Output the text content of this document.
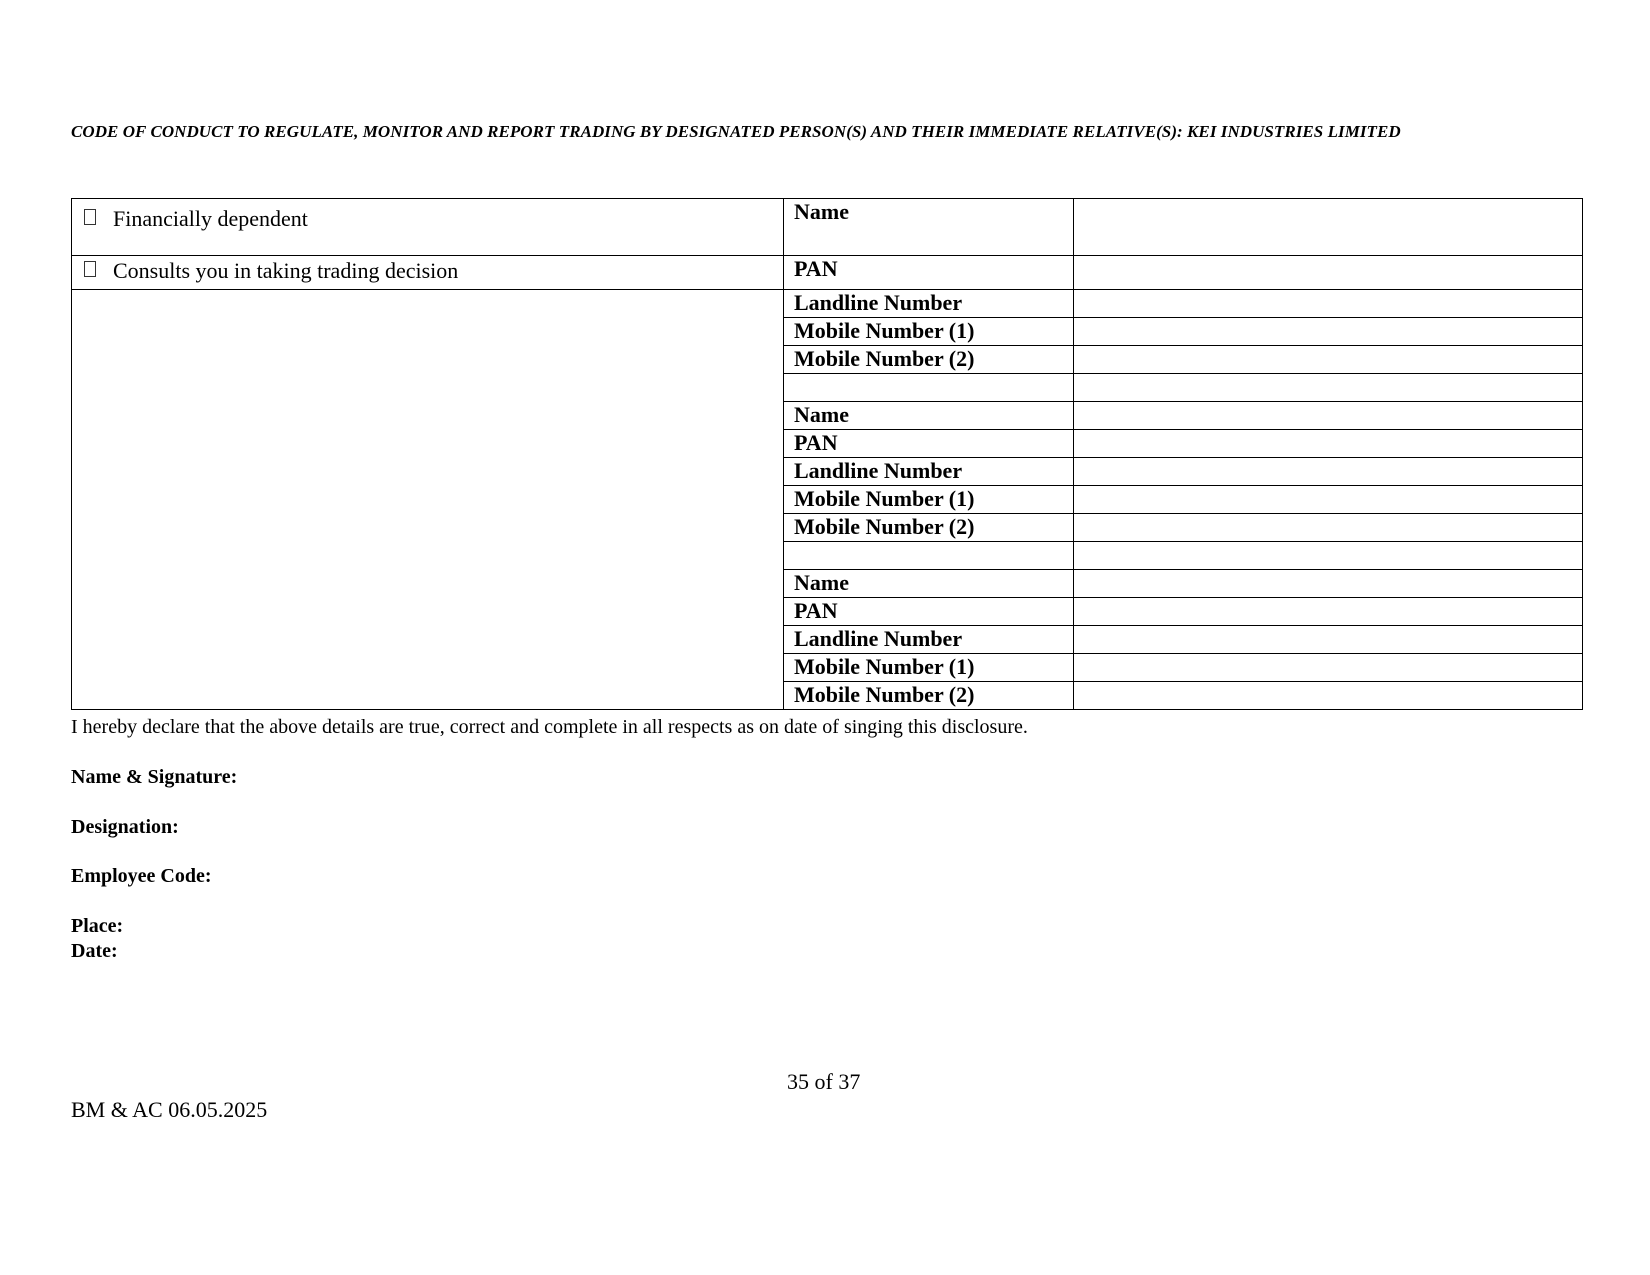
CODE OF CONDUCT TO REGULATE, MONITOR AND REPORT TRADING BY DESIGNATED PERSON(S) AND THEIR IMMEDIATE RELATIVE(S): KEI INDUSTRIES LIMITED
Financially dependent	Name	
Consults you in taking trading decision	PAN	
	Landline Number	
	Mobile Number (1)	
	Mobile Number (2)	

	Name	
	PAN	
	Landline Number	
	Mobile Number (1)	
	Mobile Number (2)	

	Name	
	PAN	
	Landline Number	
	Mobile Number (1)	
	Mobile Number (2)	
I hereby declare that the above details are true, correct and complete in all respects as on date of singing this disclosure.
Name & Signature:
Designation:
Employee Code:
Place:
Date:
35 of 37
BM & AC 06.05.2025
